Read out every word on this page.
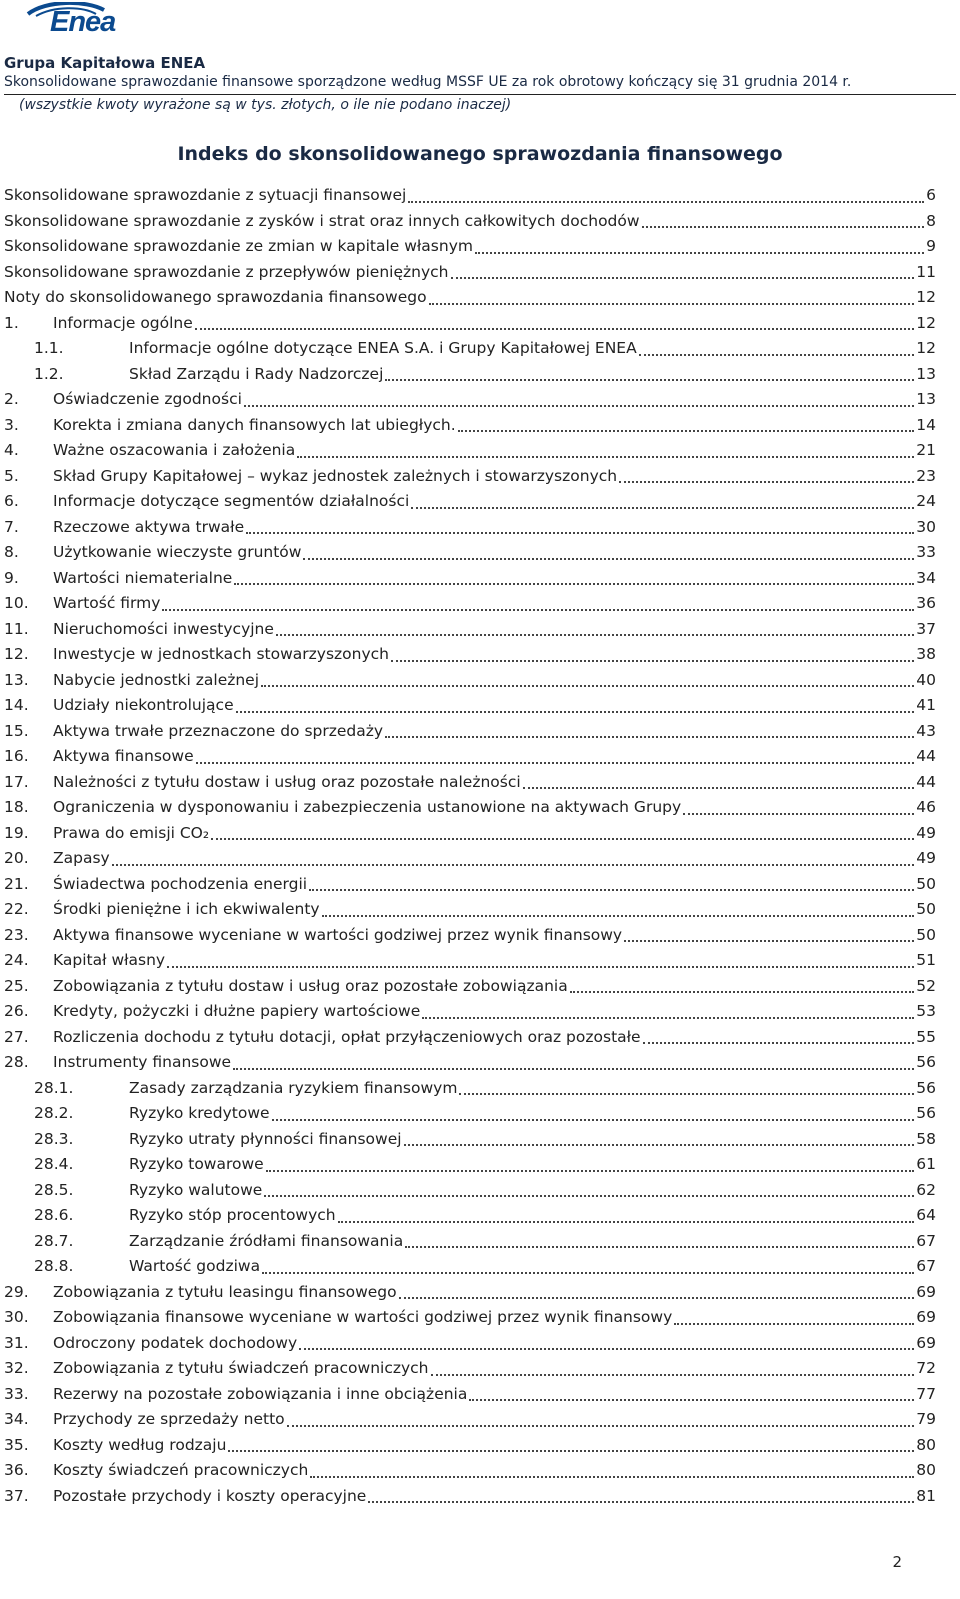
Enea
Grupa Kapitałowa ENEA
Skonsolidowane sprawozdanie finansowe sporządzone według MSSF UE za rok obrotowy kończący się 31 grudnia 2014 r.
(wszystkie kwoty wyrażone są w tys. złotych, o ile nie podano inaczej)
Indeks do skonsolidowanego sprawozdania finansowego
Skonsolidowane sprawozdanie z sytuacji finansowej	6
Skonsolidowane sprawozdanie z zysków i strat oraz innych całkowitych dochodów	8
Skonsolidowane sprawozdanie ze zmian w kapitale własnym	9
Skonsolidowane sprawozdanie z przepływów pieniężnych	11
Noty do skonsolidowanego sprawozdania finansowego	12
1. Informacje ogólne	12
1.1.	Informacje ogólne dotyczące ENEA S.A. i Grupy Kapitałowej ENEA	12
1.2.	Skład Zarządu i Rady Nadzorczej	13
2. Oświadczenie zgodności	13
3. Korekta i zmiana danych finansowych lat ubiegłych.	14
4. Ważne oszacowania i założenia	21
5. Skład Grupy Kapitałowej – wykaz jednostek zależnych i stowarzyszonych	23
6. Informacje dotyczące segmentów działalności	24
7. Rzeczowe aktywa trwałe	30
8. Użytkowanie wieczyste gruntów	33
9. Wartości niematerialne	34
10. Wartość firmy	36
11. Nieruchomości inwestycyjne	37
12. Inwestycje w jednostkach stowarzyszonych	38
13. Nabycie jednostki zależnej	40
14. Udziały niekontrolujące	41
15. Aktywa trwałe przeznaczone do sprzedaży	43
16. Aktywa finansowe	44
17. Należności z tytułu dostaw i usług oraz pozostałe należności	44
18. Ograniczenia w dysponowaniu i zabezpieczenia ustanowione na aktywach Grupy	46
19. Prawa do emisji CO₂	49
20. Zapasy	49
21. Świadectwa pochodzenia energii	50
22. Środki pieniężne i ich ekwiwalenty	50
23. Aktywa finansowe wyceniane w wartości godziwej przez wynik finansowy	50
24. Kapitał własny	51
25. Zobowiązania z tytułu dostaw i usług oraz pozostałe zobowiązania	52
26. Kredyty, pożyczki i dłużne papiery wartościowe	53
27. Rozliczenia dochodu z tytułu dotacji, opłat przyłączeniowych oraz pozostałe	55
28. Instrumenty finansowe	56
28.1.	Zasady zarządzania ryzykiem finansowym	56
28.2.	Ryzyko kredytowe	56
28.3.	Ryzyko utraty płynności finansowej	58
28.4.	Ryzyko towarowe	61
28.5.	Ryzyko walutowe	62
28.6.	Ryzyko stóp procentowych	64
28.7.	Zarządzanie źródłami finansowania	67
28.8.	Wartość godziwa	67
29. Zobowiązania z tytułu leasingu finansowego	69
30. Zobowiązania finansowe wyceniane w wartości godziwej przez wynik finansowy	69
31. Odroczony podatek dochodowy	69
32. Zobowiązania z tytułu świadczeń pracowniczych	72
33. Rezerwy na pozostałe zobowiązania i inne obciążenia	77
34. Przychody ze sprzedaży netto	79
35. Koszty według rodzaju	80
36. Koszty świadczeń pracowniczych	80
37. Pozostałe przychody i koszty operacyjne	81
2
